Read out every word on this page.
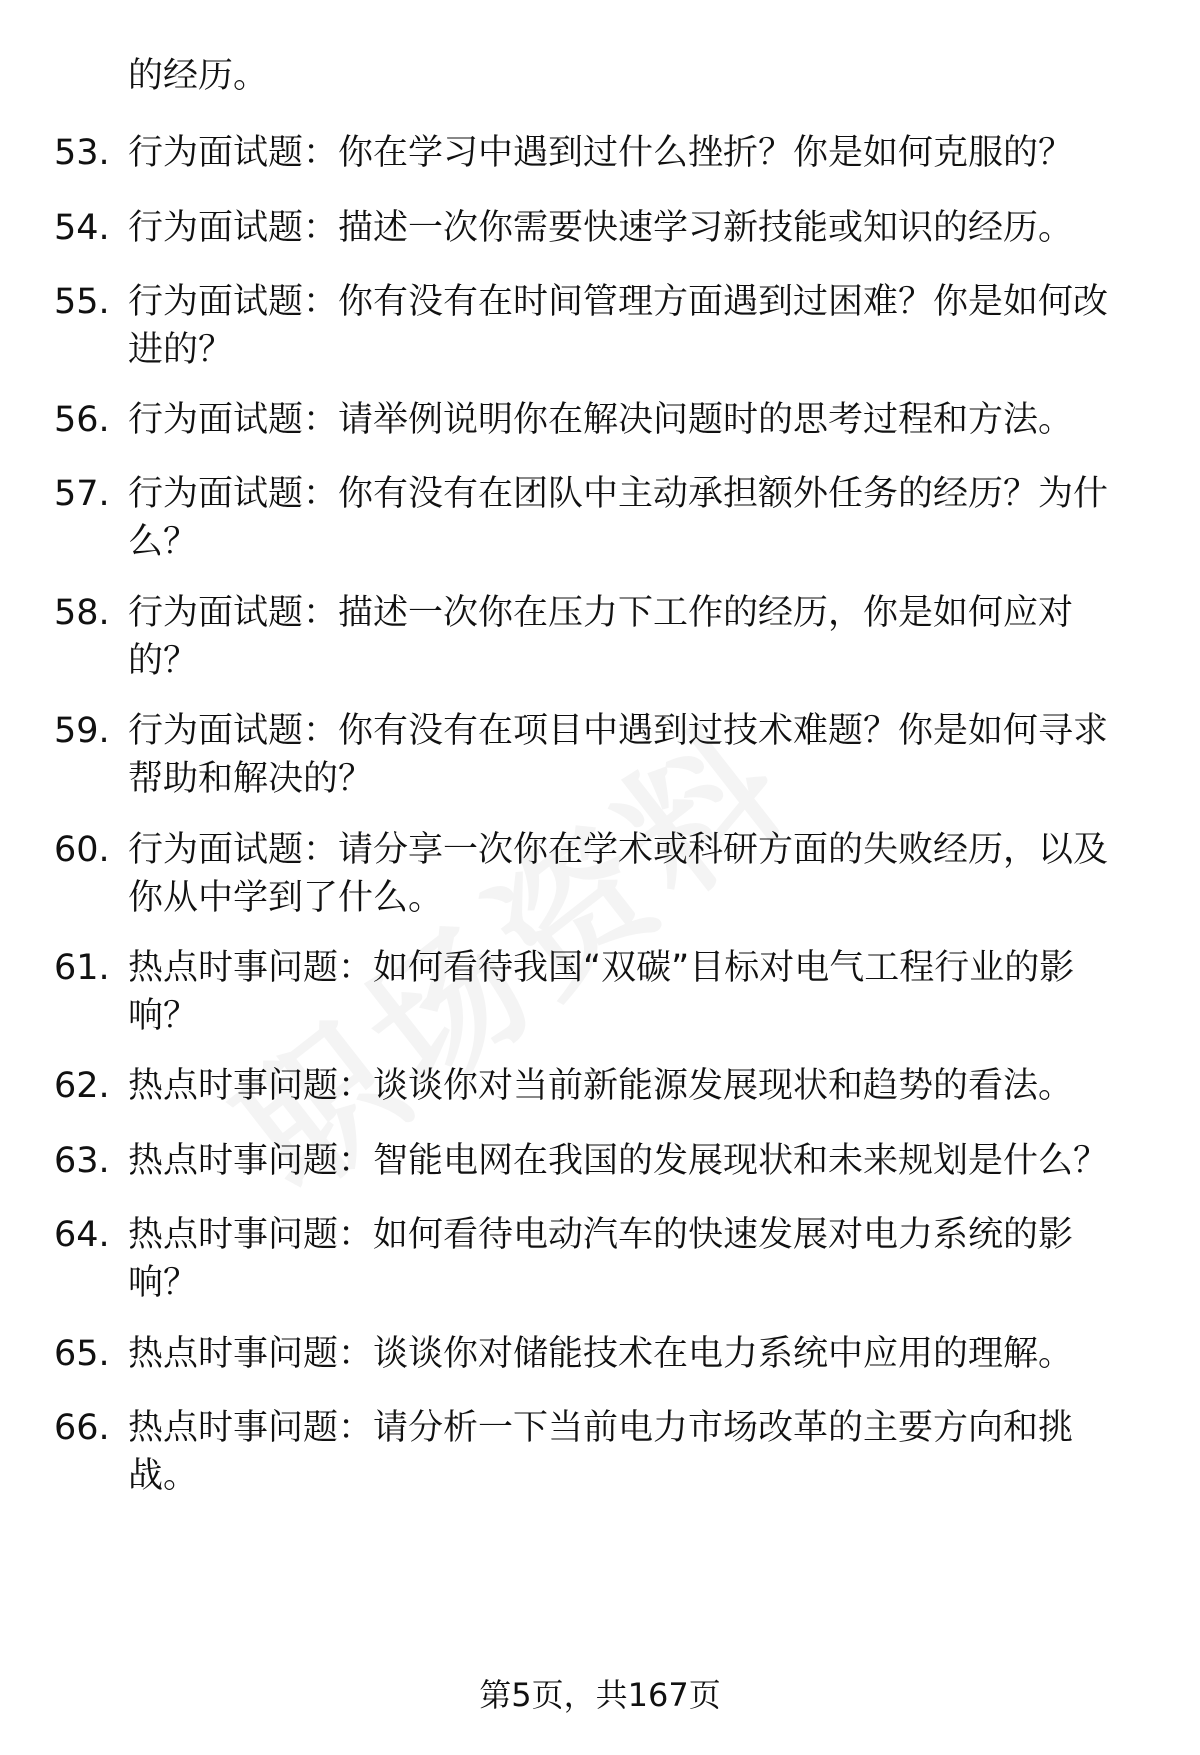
的经历。
53. 行为面试题：你在学习中遇到过什么挫折？你是如何克服的？
54. 行为面试题：描述一次你需要快速学习新技能或知识的经历。
55. 行为面试题：你有没有在时间管理方面遇到过困难？你是如何改
进的？
56. 行为面试题：请举例说明你在解决问题时的思考过程和方法。
57. 行为面试题：你有没有在团队中主动承担额外任务的经历？为什
么？
58. 行为面试题：描述一次你在压力下工作的经历，你是如何应对
的？
59. 行为面试题：你有没有在项目中遇到过技术难题？你是如何寻求
帮助和解决的？
60. 行为面试题：请分享一次你在学术或科研方面的失败经历，以及
你从中学到了什么。
61. 热点时事问题：如何看待我国“双碳”目标对电气工程行业的影
响？
62. 热点时事问题：谈谈你对当前新能源发展现状和趋势的看法。
63. 热点时事问题：智能电网在我国的发展现状和未来规划是什么？
64. 热点时事问题：如何看待电动汽车的快速发展对电力系统的影
响？
65. 热点时事问题：谈谈你对储能技术在电力系统中应用的理解。
66. 热点时事问题：请分析一下当前电力市场改革的主要方向和挑
战。
第5页，共167页
